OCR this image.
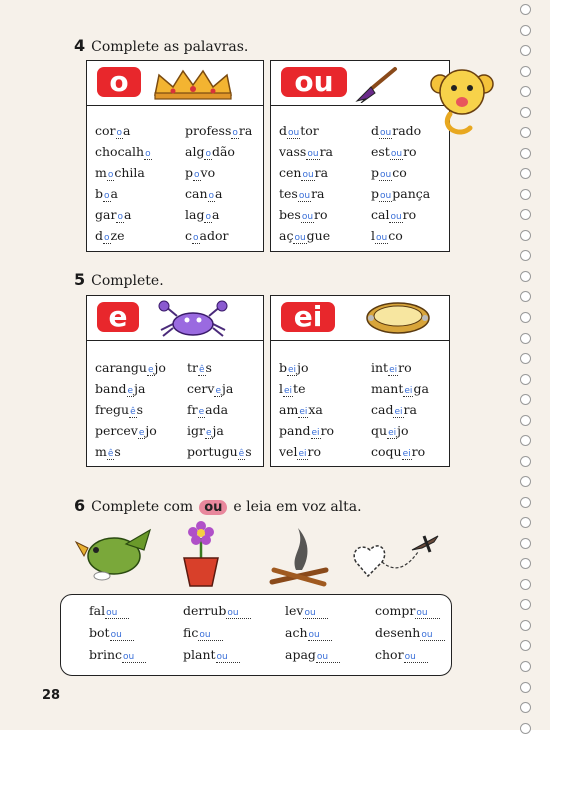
4 Complete as palavras.
o
coroa	professora
chocalho	algodão
mochila	povo
boa	canoa
garoa	lagoa
doze	coador
ou
doutor	dourado
vassoura	estouro
cenoura	pouco
tesoura	poupança
besouro	calouro
açougue	louco
5 Complete.
e
caranguejo três
bandeja	cerveja
freguês	freada
percevejo igreja
mês	português
ei
beijo	inteiro
leite	manteiga
ameixa	cadeira
pandeiro	queijo
veleiro	coqueiro
6 Complete com ou e leia em voz alta.
falou	derrubou	levou	comprou
botou	ficou	achou	desenhou
brincou	plantou	apagou	chorou
28
